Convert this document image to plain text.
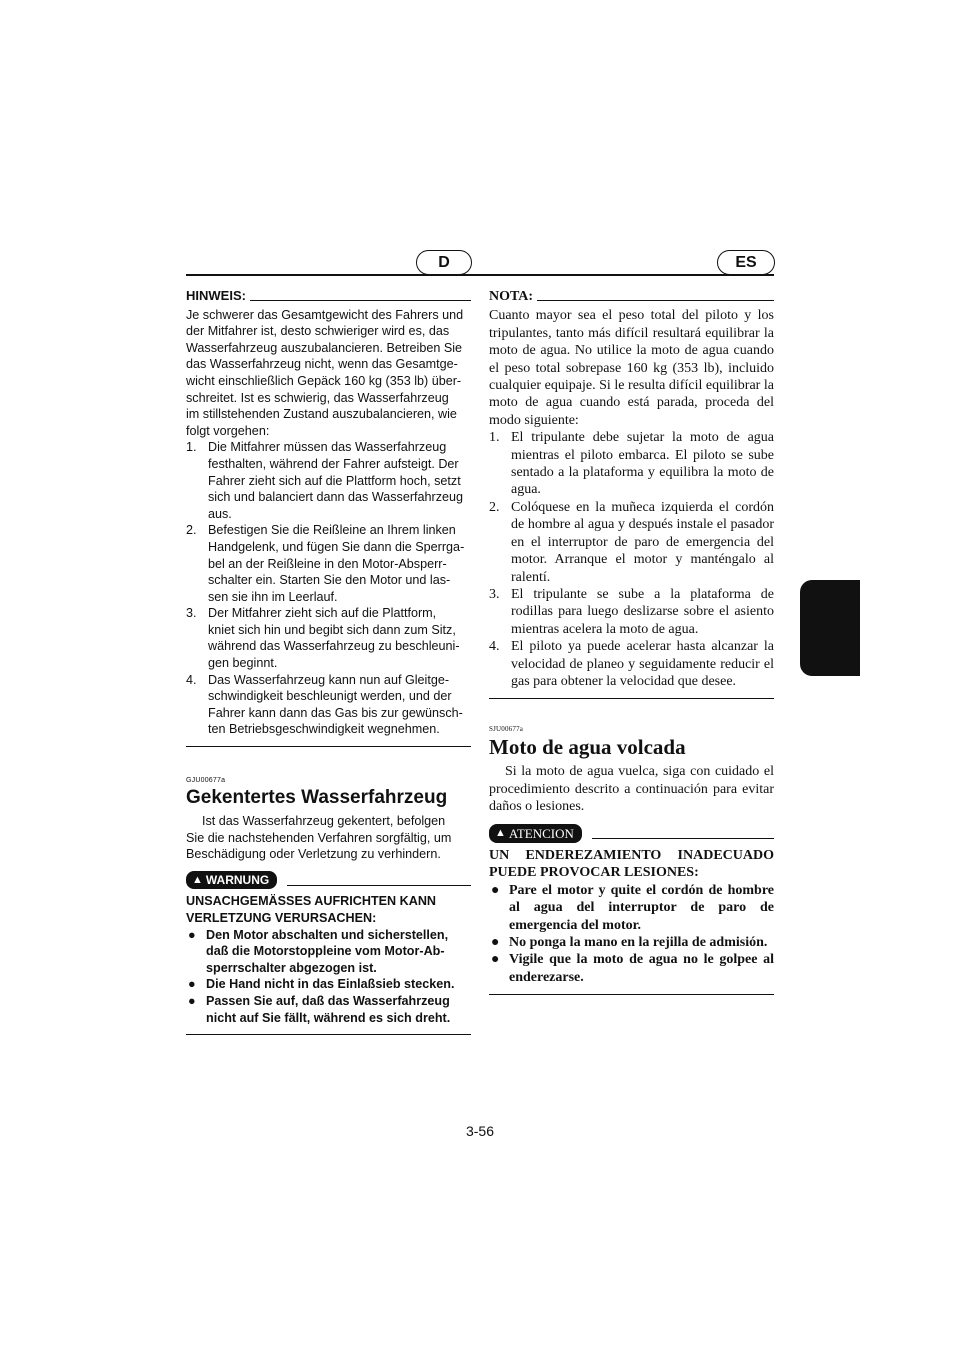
D	ES
HINWEIS:
Je schwerer das Gesamtgewicht des Fahrers und
der Mitfahrer ist, desto schwieriger wird es, das
Wasserfahrzeug auszubalancieren. Betreiben Sie
das Wasserfahrzeug nicht, wenn das Gesamtge-
wicht einschließlich Gepäck 160 kg (353 lb) über-
schreitet. Ist es schwierig, das Wasserfahrzeug
im stillstehenden Zustand auszubalancieren, wie
folgt vorgehen:
1. Die Mitfahrer müssen das Wasserfahrzeug
festhalten, während der Fahrer aufsteigt. Der
Fahrer zieht sich auf die Plattform hoch, setzt
sich und balanciert dann das Wasserfahrzeug
aus.
2. Befestigen Sie die Reißleine an Ihrem linken
Handgelenk, und fügen Sie dann die Sperrga-
bel an der Reißleine in den Motor-Absperr-
schalter ein. Starten Sie den Motor und las-
sen sie ihn im Leerlauf.
3. Der Mitfahrer zieht sich auf die Plattform,
kniet sich hin und begibt sich dann zum Sitz,
während das Wasserfahrzeug zu beschleuni-
gen beginnt.
4. Das Wasserfahrzeug kann nun auf Gleitge-
schwindigkeit beschleunigt werden, und der
Fahrer kann dann das Gas bis zur gewünsch-
ten Betriebsgeschwindigkeit wegnehmen.
GJU00677a
Gekentertes Wasserfahrzeug
Ist das Wasserfahrzeug gekentert, befolgen
Sie die nachstehenden Verfahren sorgfältig, um
Beschädigung oder Verletzung zu verhindern.
▲ WARNUNG
UNSACHGEMÄSSES AUFRICHTEN KANN
VERLETZUNG VERURSACHEN:
● Den Motor abschalten und sicherstellen,
daß die Motorstoppleine vom Motor-Ab-
sperrschalter abgezogen ist.
● Die Hand nicht in das Einlaßsieb stecken.
● Passen Sie auf, daß das Wasserfahrzeug
nicht auf Sie fällt, während es sich dreht.
NOTA:

Cuanto mayor sea el peso total del piloto y los tripulantes, tanto más difícil resultará equilibrar la moto de agua. No utilice la moto de agua cuando el peso total sobrepase 160 kg (353 lb), incluido cualquier equipaje. Si le resulta difícil equilibrar la moto de agua cuando está parada, proceda del modo siguiente:

1. El tripulante debe sujetar la moto de agua mientras el piloto embarca. El piloto se sube sentado a la plataforma y equilibra la moto de agua.
2. Colóquese en la muñeca izquierda el cordón de hombre al agua y después instale el pasador en el interruptor de paro de emergencia del motor. Arranque el motor y manténgalo al ralentí.
3. El tripulante se sube a la plataforma de rodillas para luego deslizarse sobre el asiento mientras acelera la moto de agua.
4. El piloto ya puede acelerar hasta alcanzar la velocidad de planeo y seguidamente reducir el gas para obtener la velocidad que desee.
SJU00677a
Moto de agua volcada

Si la moto de agua vuelca, siga con cuidado el procedimiento descrito a continuación para evitar daños o lesiones.

▲ ATENCION

UN ENDEREZAMIENTO INADECUADO PUEDE PROVOCAR LESIONES:

● Pare el motor y quite el cordón de hombre al agua del interruptor de paro de emergencia del motor.
● No ponga la mano en la rejilla de admisión.
● Vigile que la moto de agua no le golpee al enderezarse.
3-56
